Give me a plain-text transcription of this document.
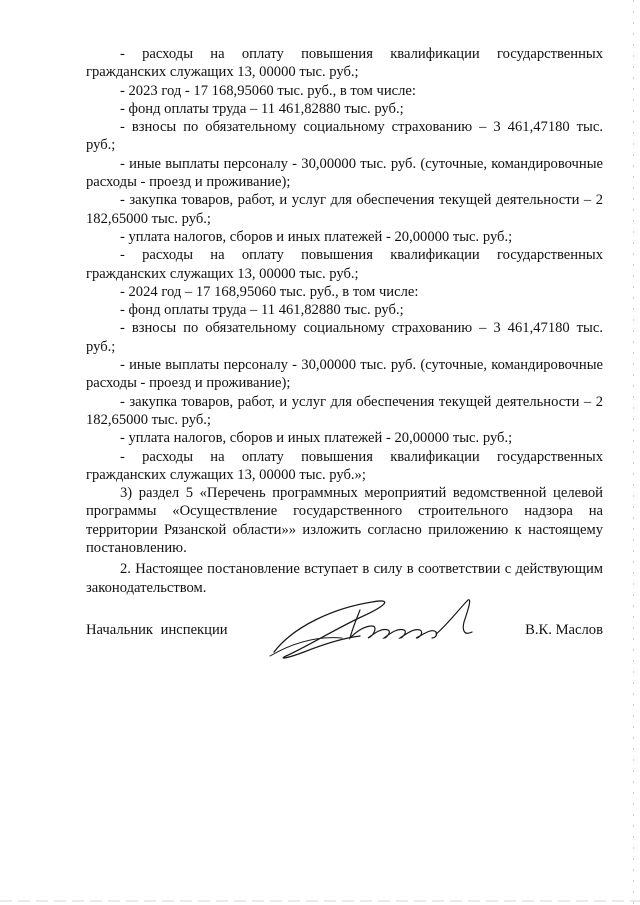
- расходы на оплату повышения квалификации государственных гражданских служащих 13, 00000 тыс. руб.;

- 2023 год - 17 168,95060 тыс. руб., в том числе:

- фонд оплаты труда – 11 461,82880 тыс. руб.;

- взносы по обязательному социальному страхованию – 3 461,47180 тыс. руб.;

- иные выплаты персоналу - 30,00000 тыс. руб. (суточные, командировочные расходы - проезд и проживание);

- закупка товаров, работ, и услуг для обеспечения текущей деятельности – 2 182,65000 тыс. руб.;

- уплата налогов, сборов и иных платежей - 20,00000 тыс. руб.;

- расходы на оплату повышения квалификации государственных гражданских служащих 13, 00000 тыс. руб.;

- 2024 год – 17 168,95060 тыс. руб., в том числе:

- фонд оплаты труда – 11 461,82880 тыс. руб.;

- взносы по обязательному социальному страхованию – 3 461,47180 тыс. руб.;

- иные выплаты персоналу - 30,00000 тыс. руб. (суточные, командировочные расходы - проезд и проживание);

- закупка товаров, работ, и услуг для обеспечения текущей деятельности – 2 182,65000 тыс. руб.;

- уплата налогов, сборов и иных платежей - 20,00000 тыс. руб.;

- расходы на оплату повышения квалификации государственных гражданских служащих 13, 00000 тыс. руб.»;

3) раздел 5 «Перечень программных мероприятий ведомственной целевой программы «Осуществление государственного строительного надзора на территории Рязанской области»» изложить согласно приложению к настоящему постановлению.

2. Настоящее постановление вступает в силу в соответствии с действующим законодательством.

Начальник инспекции	В.К. Маслов
